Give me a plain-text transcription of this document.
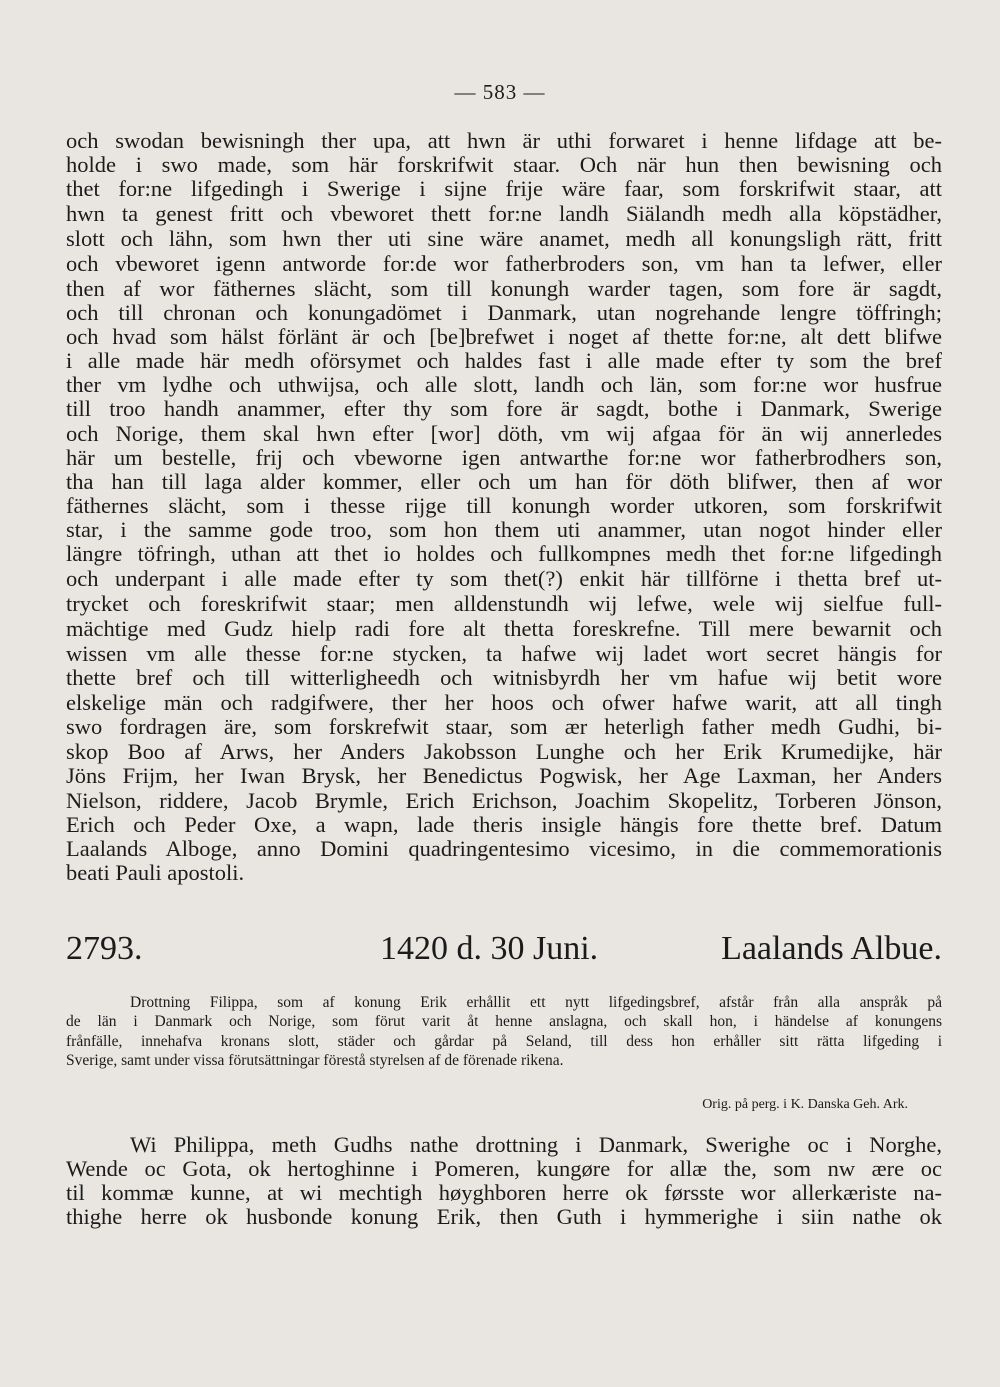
— 583 —
och swodan bewisningh ther upa, att hwn är uthi forwaret i henne lifdage att be-
holde i swo made, som här forskrifwit staar. Och när hun then bewisning och
thet for:ne lifgedingh i Swerige i sijne frije wäre faar, som forskrifwit staar, att
hwn ta genest fritt och vbeworet thett for:ne landh Siälandh medh alla köpstädher,
slott och lähn, som hwn ther uti sine wäre anamet, medh all konungsligh rätt, fritt
och vbeworet igenn antworde for:de wor fatherbroders son, vm han ta lefwer, eller
then af wor fäthernes slächt, som till konungh warder tagen, som fore är sagdt,
och till chronan och konungadömet i Danmark, utan nogrehande lengre töffringh;
och hvad som hälst förlänt är och [be]brefwet i noget af thette for:ne, alt dett blifwe
i alle made här medh oförsymet och haldes fast i alle made efter ty som the bref
ther vm lydhe och uthwijsa, och alle slott, landh och län, som for:ne wor husfrue
till troo handh anammer, efter thy som fore är sagdt, bothe i Danmark, Swerige
och Norige, them skal hwn efter [wor] döth, vm wij afgaa för än wij annerledes
här um bestelle, frij och vbeworne igen antwarthe for:ne wor fatherbrodhers son,
tha han till laga alder kommer, eller och um han för döth blifwer, then af wor
fäthernes slächt, som i thesse rijge till konungh worder utkoren, som forskrifwit
star, i the samme gode troo, som hon them uti anammer, utan nogot hinder eller
längre töfringh, uthan att thet io holdes och fullkompnes medh thet for:ne lifgedingh
och underpant i alle made efter ty som thet(?) enkit här tillförne i thetta bref ut-
trycket och foreskrifwit staar; men alldenstundh wij lefwe, wele wij sielfue full-
mächtige med Gudz hielp radi fore alt thetta foreskrefne. Till mere bewarnit och
wissen vm alle thesse for:ne stycken, ta hafwe wij ladet wort secret hängis for
thette bref och till witterligheedh och witnisbyrdh her vm hafue wij betit wore
elskelige män och radgifwere, ther her hoos och ofwer hafwe warit, att all tingh
swo fordragen äre, som forskrefwit staar, som ær heterligh father medh Gudhi, bi-
skop Boo af Arws, her Anders Jakobsson Lunghe och her Erik Krumedijke, här
Jöns Frijm, her Iwan Brysk, her Benedictus Pogwisk, her Age Laxman, her Anders
Nielson, riddere, Jacob Brymle, Erich Erichson, Joachim Skopelitz, Torberen Jönson,
Erich och Peder Oxe, a wapn, lade theris insigle hängis fore thette bref. Datum
Laalands Alboge, anno Domini quadringentesimo vicesimo, in die commemorationis
beati Pauli apostoli.
2793.	1420 d. 30 Juni.	Laalands Albue.
Drottning Filippa, som af konung Erik erhållit ett nytt lifgedingsbref, afstår från alla anspråk på
de län i Danmark och Norige, som förut varit åt henne anslagna, och skall hon, i händelse af konungens
frånfälle, innehafva kronans slott, städer och gårdar på Seland, till dess hon erhåller sitt rätta lifgeding i
Sverige, samt under vissa förutsättningar förestå styrelsen af de förenade rikena.
Orig. på perg. i K. Danska Geh. Ark.
Wi Philippa, meth Gudhs nathe drottning i Danmark, Swerighe oc i Norghe,
Wende oc Gota, ok hertoghinne i Pomeren, kungøre for allæ the, som nw ære oc
til kommæ kunne, at wi mechtigh høyghboren herre ok førsste wor allerkæriste na-
thighe herre ok husbonde konung Erik, then Guth i hymmerighe i siin nathe ok
